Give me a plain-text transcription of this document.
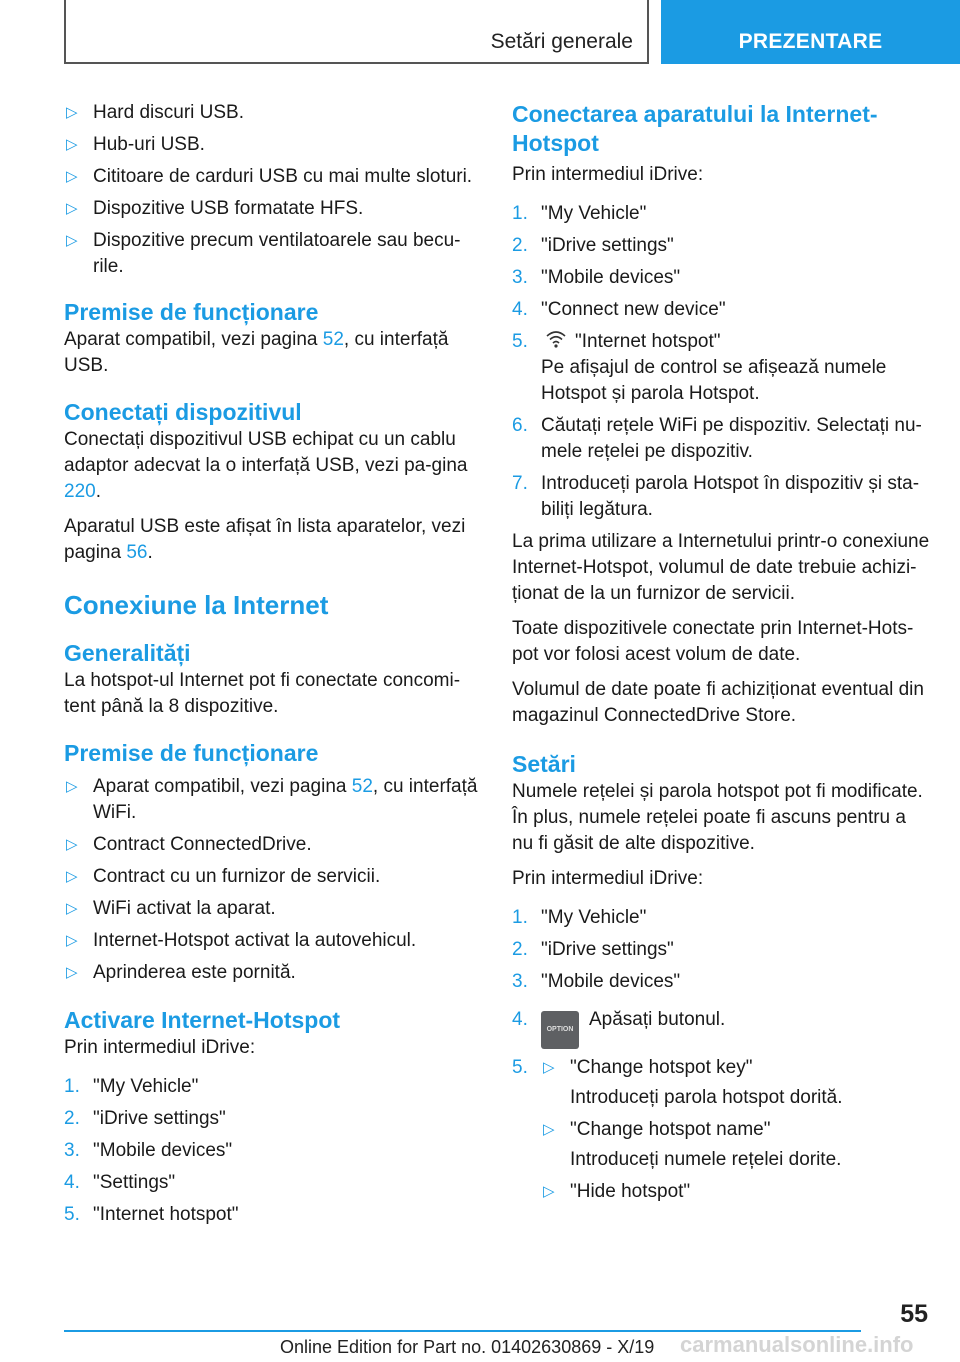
Setări generale	PREZENTARE
▷ Hard discuri USB.
▷ Hub-uri USB.
▷ Cititoare de carduri USB cu mai multe sloturi.
▷ Dispozitive USB formatate HFS.
▷ Dispozitive precum ventilatoarele sau becu-rile.
Premise de funcționare

Aparat compatibil, vezi pagina 52, cu interfață USB.

Conectați dispozitivul

Conectați dispozitivul USB echipat cu un cablu adaptor adecvat la o interfață USB, vezi pa-gina 220.

Aparatul USB este afișat în lista aparatelor, vezi pagina 56.

Conexiune la Internet
Generalități

La hotspot-ul Internet pot fi conectate concomi-tent până la 8 dispozitive.

Premise de funcționare
▷ Aparat compatibil, vezi pagina 52, cu interfață WiFi.
▷ Contract ConnectedDrive.
▷ Contract cu un furnizor de servicii.
▷ WiFi activat la aparat.
▷ Internet-Hotspot activat la autovehicul.
▷ Aprinderea este pornită.
Activare Internet-Hotspot

Prin intermediul iDrive:

1. "My Vehicle"
2. "iDrive settings"
3. "Mobile devices"
4. "Settings"
5. "Internet hotspot"
Conectarea aparatului la Internet-Hotspot

Prin intermediul iDrive:

1. "My Vehicle"
2. "iDrive settings"
3. "Mobile devices"
4. "Connect new device"
5. "Internet hotspot"
Pe afișajul de control se afișează numele Hotspot și parola Hotspot.
6. Căutați rețele WiFi pe dispozitiv. Selectați nu-mele rețelei pe dispozitiv.
7. Introduceți parola Hotspot în dispozitiv și sta-biliți legătura.

La prima utilizare a Internetului printr-o conexiune Internet-Hotspot, volumul de date trebuie achizi-ționat de la un furnizor de servicii.

Toate dispozitivele conectate prin Internet-Hots-pot vor folosi acest volum de date.

Volumul de date poate fi achiziționat eventual din magazinul ConnectedDrive Store.

Setări

Numele rețelei și parola hotspot pot fi modificate. În plus, numele rețelei poate fi ascuns pentru a nu fi găsit de alte dispozitive.

Prin intermediul iDrive:

1. "My Vehicle"
2. "iDrive settings"
3. "Mobile devices"
4.	OPTION Apăsați butonul.
5. ▷ "Change hotspot key"
Introduceți parola hotspot dorită.
▷ "Change hotspot name"
Introduceți numele rețelei dorite.
▷ "Hide hotspot"
55
Online Edition for Part no. 01402630869 - X/19 carmanualsonline.info
